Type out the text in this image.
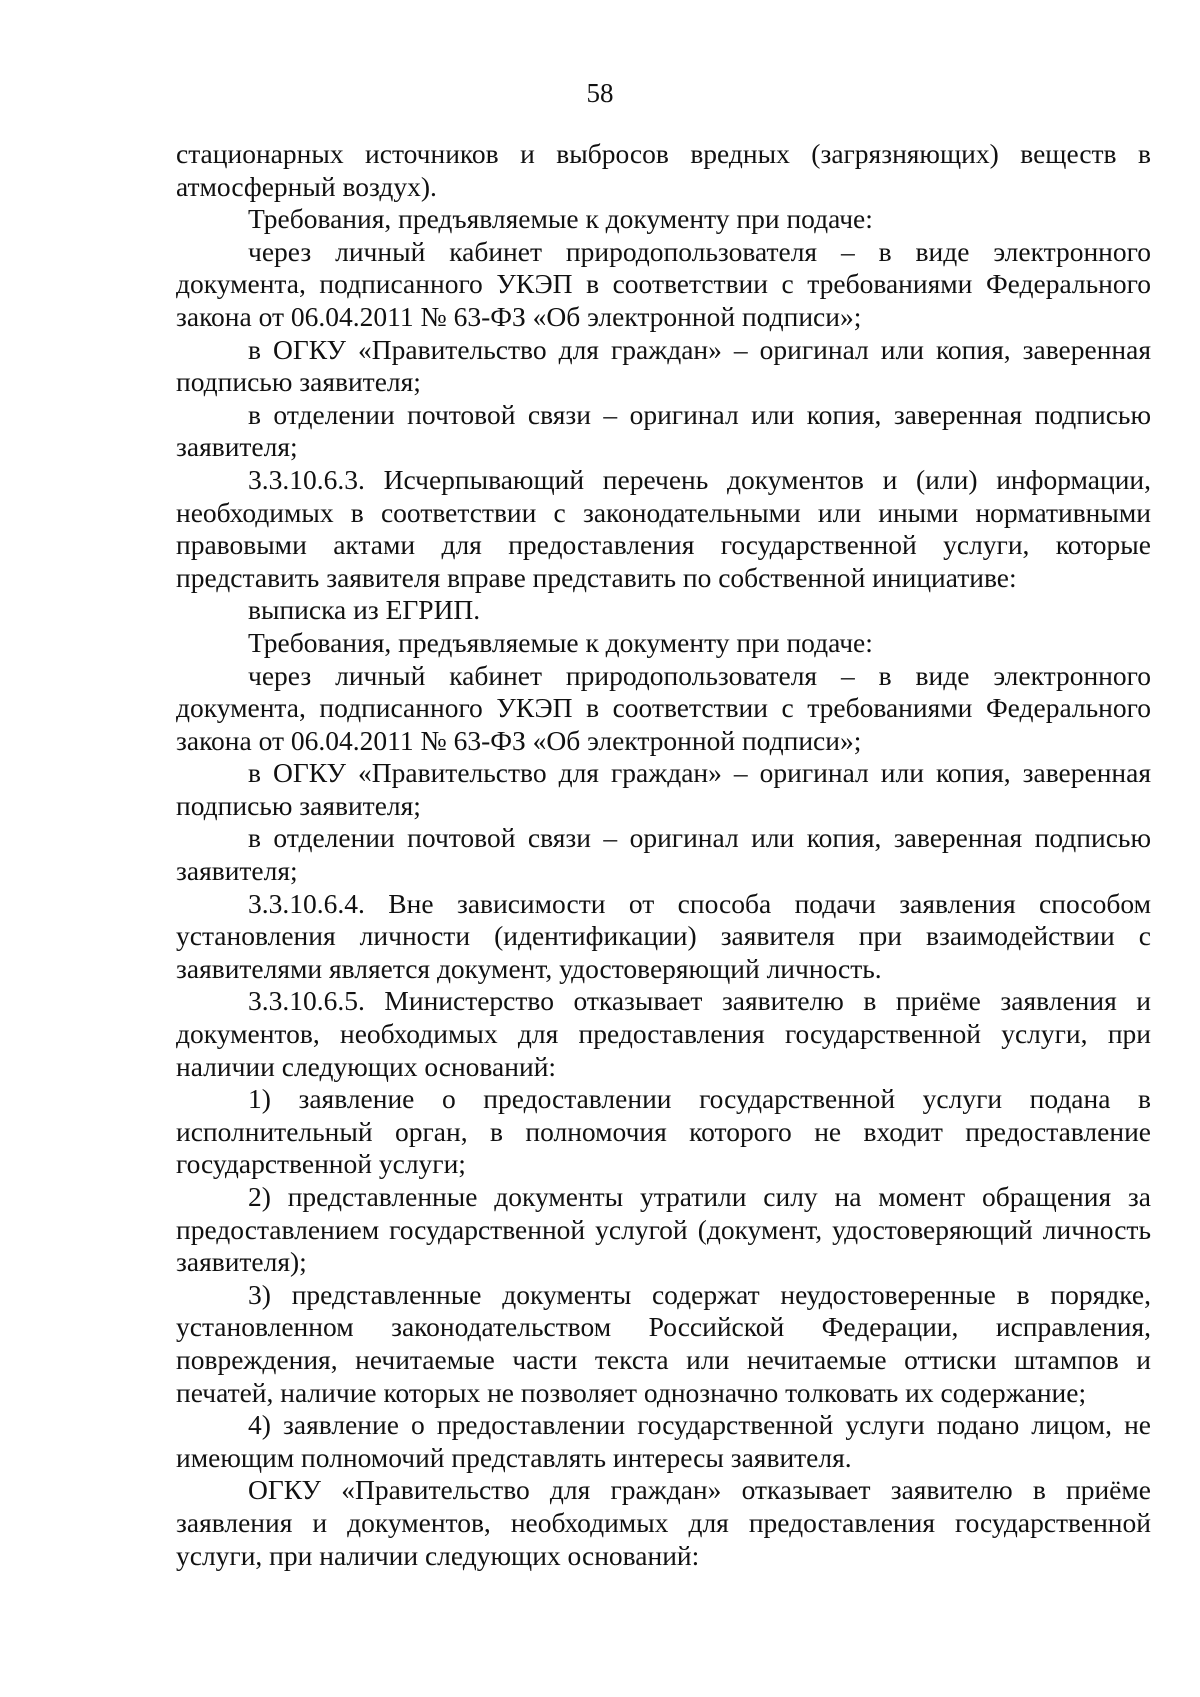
58

стационарных источников и выбросов вредных (загрязняющих) веществ в атмосферный воздух).

Требования, предъявляемые к документу при подаче:

через личный кабинет природопользователя – в виде электронного документа, подписанного УКЭП в соответствии с требованиями Федерального закона от 06.04.2011 № 63-ФЗ «Об электронной подписи»;

в ОГКУ «Правительство для граждан» – оригинал или копия, заверенная подписью заявителя;

в отделении почтовой связи – оригинал или копия, заверенная подписью заявителя;

3.3.10.6.3. Исчерпывающий перечень документов и (или) информации, необходимых в соответствии с законодательными или иными нормативными правовыми актами для предоставления государственной услуги, которые представить заявителя вправе представить по собственной инициативе:

выписка из ЕГРИП.

Требования, предъявляемые к документу при подаче:

через личный кабинет природопользователя – в виде электронного документа, подписанного УКЭП в соответствии с требованиями Федерального закона от 06.04.2011 № 63-ФЗ «Об электронной подписи»;

в ОГКУ «Правительство для граждан» – оригинал или копия, заверенная подписью заявителя;

в отделении почтовой связи – оригинал или копия, заверенная подписью заявителя;

3.3.10.6.4. Вне зависимости от способа подачи заявления способом установления личности (идентификации) заявителя при взаимодействии с заявителями является документ, удостоверяющий личность.

3.3.10.6.5. Министерство отказывает заявителю в приёме заявления и документов, необходимых для предоставления государственной услуги, при наличии следующих оснований:

1) заявление о предоставлении государственной услуги подана в исполнительный орган, в полномочия которого не входит предоставление государственной услуги;

2) представленные документы утратили силу на момент обращения за предоставлением государственной услугой (документ, удостоверяющий личность заявителя);

3) представленные документы содержат неудостоверенные в порядке, установленном законодательством Российской Федерации, исправления, повреждения, нечитаемые части текста или нечитаемые оттиски штампов и печатей, наличие которых не позволяет однозначно толковать их содержание;

4) заявление о предоставлении государственной услуги подано лицом, не имеющим полномочий представлять интересы заявителя.

ОГКУ «Правительство для граждан» отказывает заявителю в приёме заявления и документов, необходимых для предоставления государственной услуги, при наличии следующих оснований:
